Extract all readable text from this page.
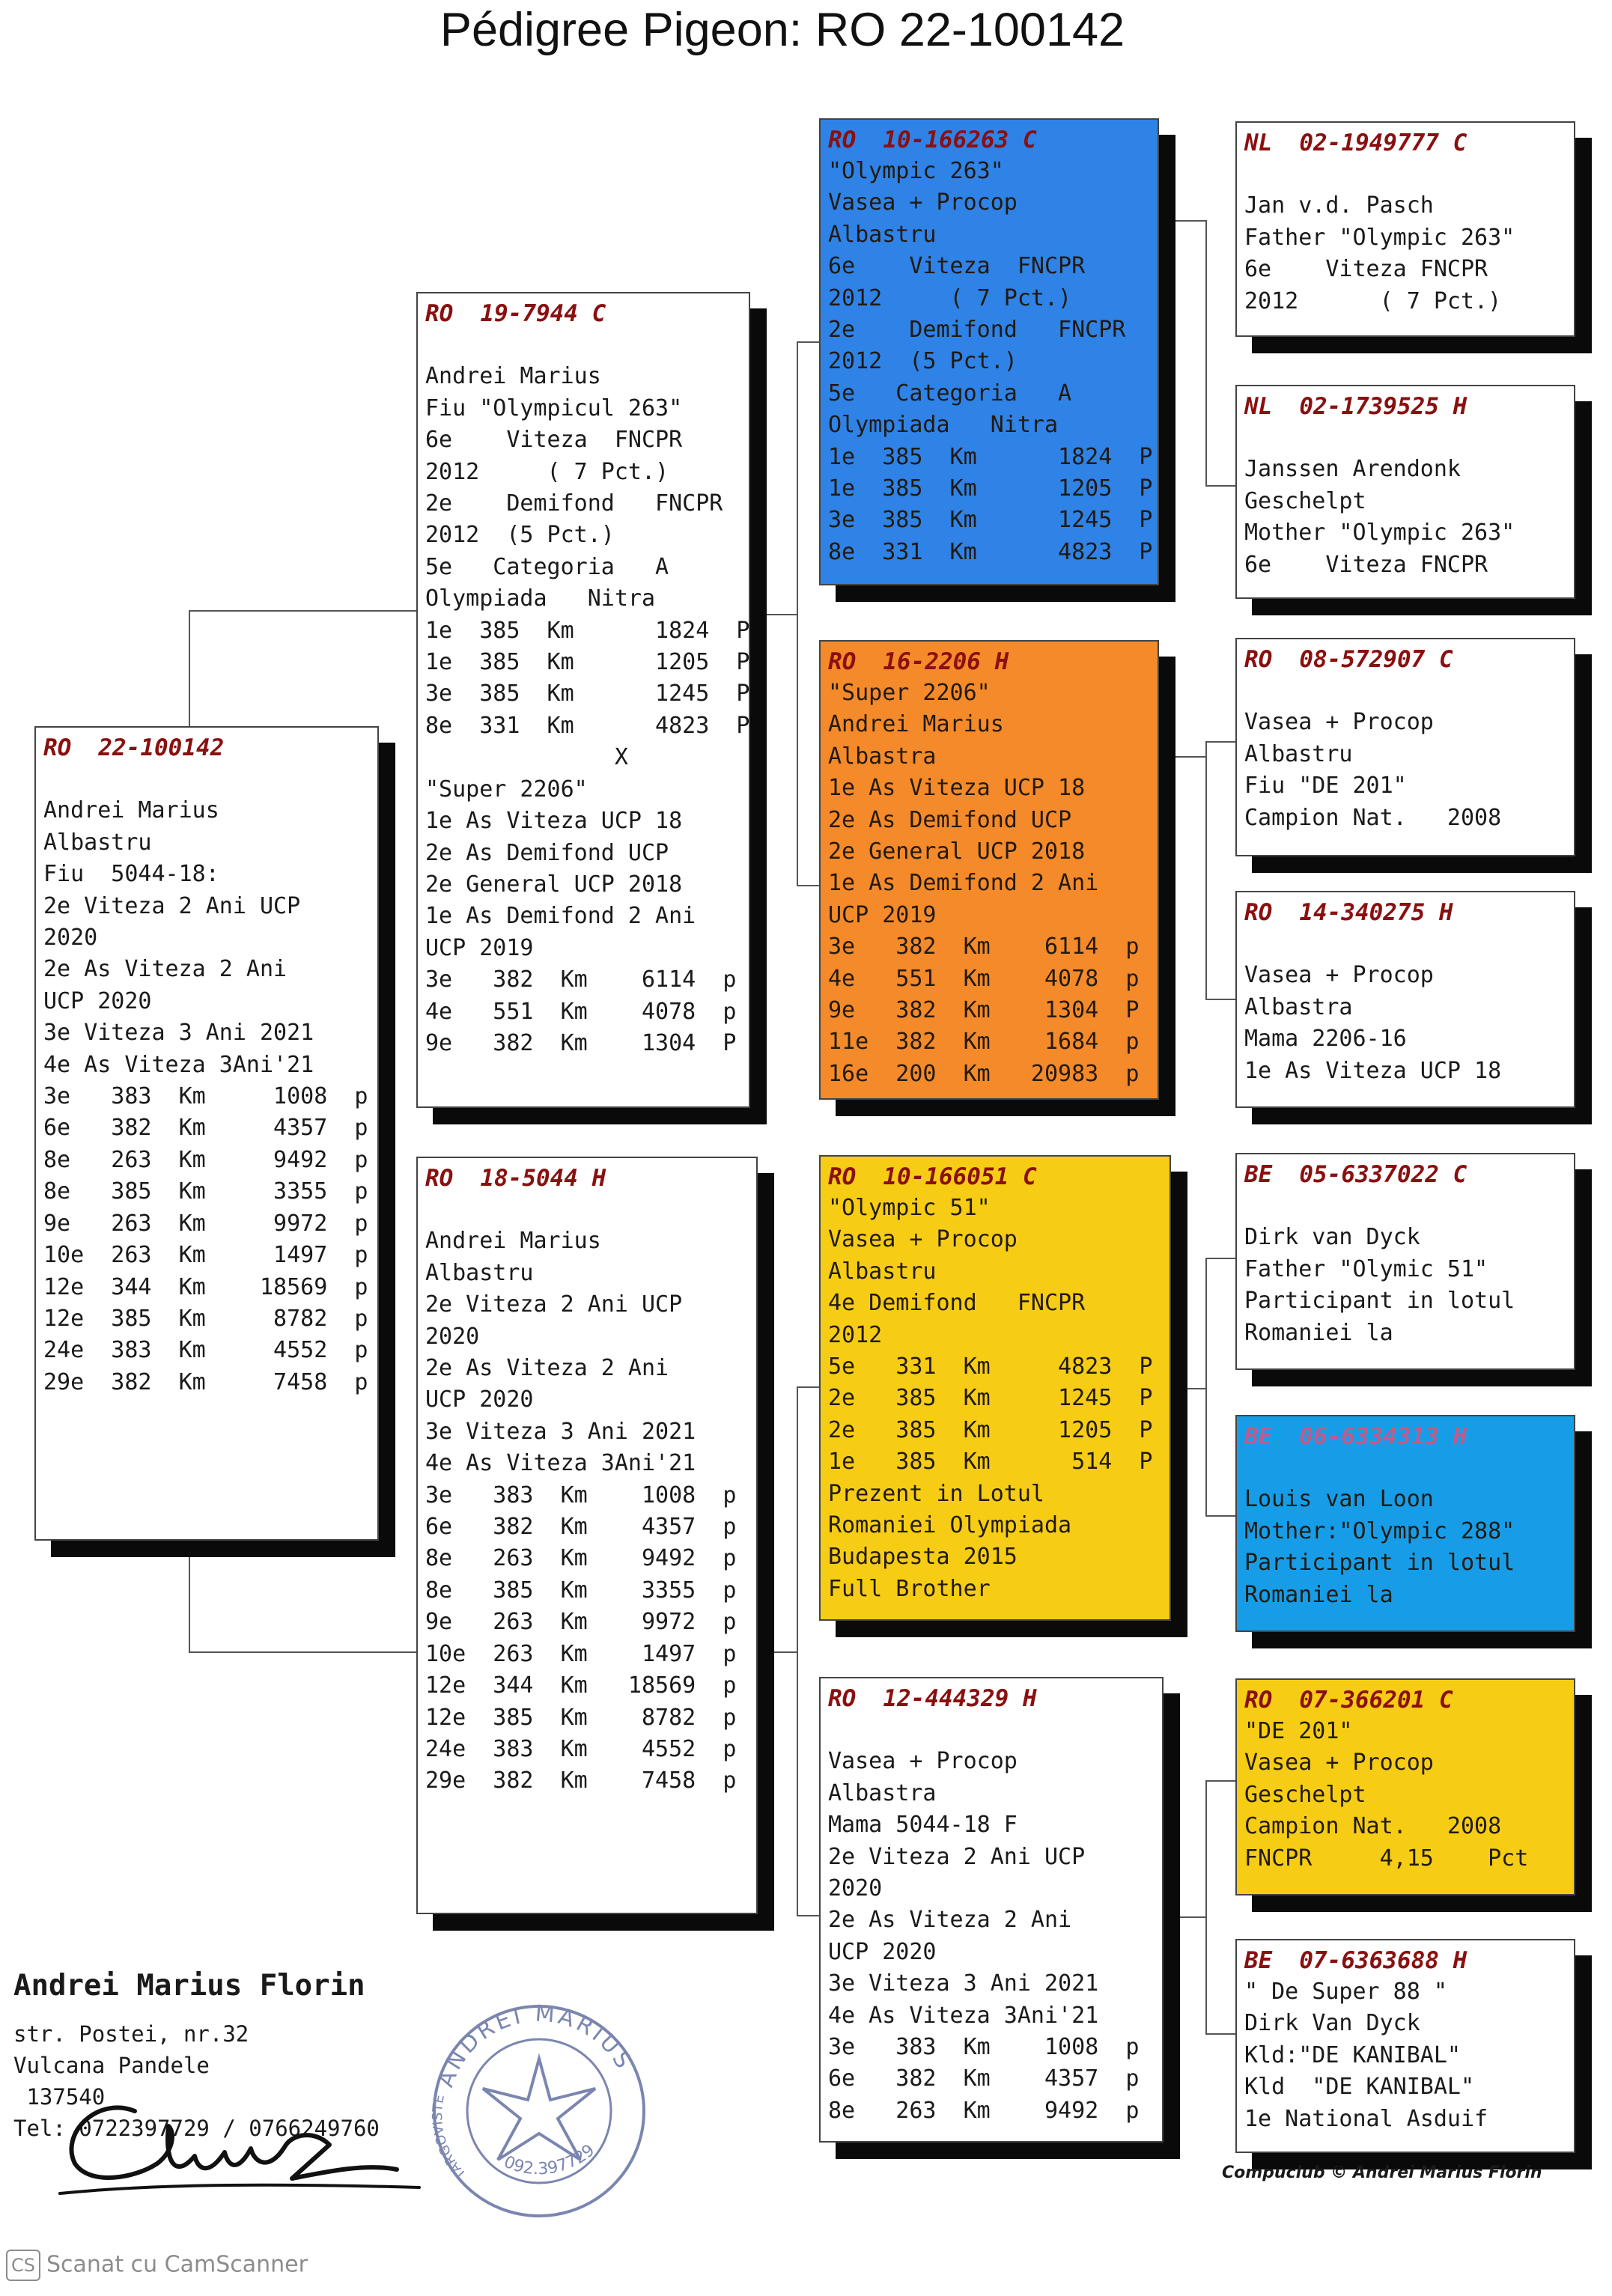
Pédigree Pigeon: RO 22-100142
RO 22-100142

Andrei Marius
Albastru
Fiu  5044-18:
2e Viteza 2 Ani UCP
2020
2e As Viteza 2 Ani
UCP 2020
3e Viteza 3 Ani 2021
4e As Viteza 3Ani'21
3e   383  Km     1008  p
6e   382  Km     4357  p
8e   263  Km     9492  p
8e   385  Km     3355  p
9e   263  Km     9972  p
10e  263  Km     1497  p
12e  344  Km    18569  p
12e  385  Km     8782  p
24e  383  Km     4552  p
29e  382  Km     7458  p
RO 19-7944 C

Andrei Marius
Fiu "Olympicul 263"
6e    Viteza  FNCPR
2012     ( 7 Pct.)
2e    Demifond   FNCPR
2012  (5 Pct.)
5e   Categoria   A
Olympiada   Nitra
1e  385  Km      1824  P
1e  385  Km      1205  P
3e  385  Km      1245  P
8e  331  Km      4823  P
X
"Super 2206"
1e As Viteza UCP 18
2e As Demifond UCP
2e General UCP 2018
1e As Demifond 2 Ani
UCP 2019
3e   382  Km    6114  p
4e   551  Km    4078  p
9e   382  Km    1304  P
RO 18-5044 H

Andrei Marius
Albastru
2e Viteza 2 Ani UCP
2020
2e As Viteza 2 Ani
UCP 2020
3e Viteza 3 Ani 2021
4e As Viteza 3Ani'21
3e   383  Km    1008  p
6e   382  Km    4357  p
8e   263  Km    9492  p
8e   385  Km    3355  p
9e   263  Km    9972  p
10e  263  Km    1497  p
12e  344  Km   18569  p
12e  385  Km    8782  p
24e  383  Km    4552  p
29e  382  Km    7458  p
RO 10-166263 C
"Olympic 263"
Vasea + Procop
Albastru
6e    Viteza  FNCPR
2012     ( 7 Pct.)
2e    Demifond   FNCPR
2012  (5 Pct.)
5e   Categoria   A
Olympiada   Nitra
1e  385  Km      1824  P
1e  385  Km      1205  P
3e  385  Km      1245  P
8e  331  Km      4823  P
RO 16-2206 H
"Super 2206"
Andrei Marius
Albastra
1e As Viteza UCP 18
2e As Demifond UCP
2e General UCP 2018
1e As Demifond 2 Ani
UCP 2019
3e   382  Km    6114  p
4e   551  Km    4078  p
9e   382  Km    1304  P
11e  382  Km    1684  p
16e  200  Km   20983  p
RO 10-166051 C
"Olympic 51"
Vasea + Procop
Albastru
4e Demifond   FNCPR
2012
5e   331  Km     4823  P
2e   385  Km     1245  P
2e   385  Km     1205  P
1e   385  Km      514  P
Prezent in Lotul
Romaniei Olympiada
Budapesta 2015
Full Brother
RO 12-444329 H

Vasea + Procop
Albastra
Mama 5044-18 F
2e Viteza 2 Ani UCP
2020
2e As Viteza 2 Ani
UCP 2020
3e Viteza 3 Ani 2021
4e As Viteza 3Ani'21
3e   383  Km    1008  p
6e   382  Km    4357  p
8e   263  Km    9492  p
NL 02-1949777 C

Jan v.d. Pasch
Father "Olympic 263"
6e    Viteza FNCPR
2012      ( 7 Pct.)
NL 02-1739525 H

Janssen Arendonk
Geschelpt
Mother "Olympic 263"
6e    Viteza FNCPR
RO 08-572907 C

Vasea + Procop
Albastru
Fiu "DE 201"
Campion Nat.   2008
RO 14-340275 H

Vasea + Procop
Albastra
Mama 2206-16
1e As Viteza UCP 18
BE 05-6337022 C

Dirk van Dyck
Father "Olymic 51"
Participant in lotul
Romaniei la
BE 06-6334313 H

Louis van Loon
Mother:"Olympic 288"
Participant in lotul
Romaniei la
RO 07-366201 C
"DE 201"
Vasea + Procop
Geschelpt
Campion Nat.   2008
FNCPR     4,15    Pct
BE 07-6363688 H
" De Super 88 "
Dirk Van Dyck
Kld:"DE KANIBAL"
Kld  "DE KANIBAL"
1e National Asduif
Andrei Marius Florin
str. Postei, nr.32
Vulcana Pandele
137540
Tel: 0722397729 / 0766249760
ANDREI MARIUS
092.397729
TARGOVISTE
Compuclub © Andrei Marius Florin
CS Scanat cu CamScanner
